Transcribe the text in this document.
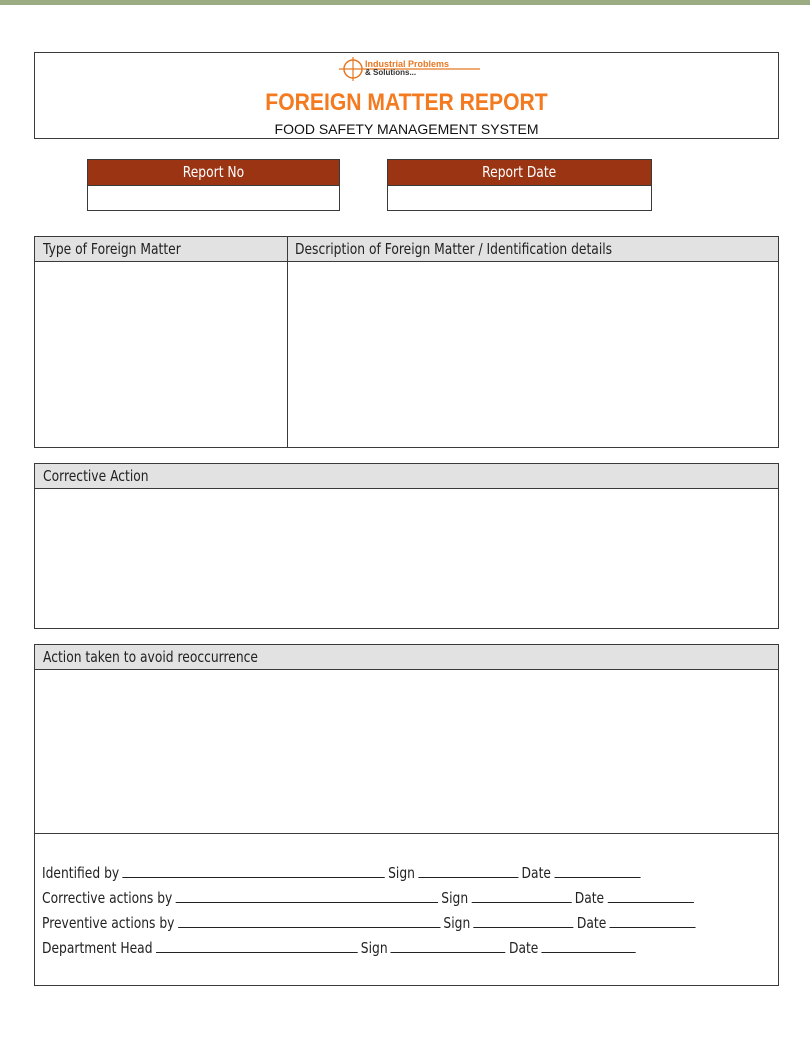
Industrial Problems
& Solutions...
FOREIGN MATTER REPORT
FOOD SAFETY MANAGEMENT SYSTEM
Report No	Report Date
Type of Foreign Matter	Description of Foreign Matter / Identification details
Corrective Action
Action taken to avoid reoccurrence
Identified by	Sign	Date
Corrective actions by	Sign	Date
Preventive actions by	Sign	Date
Department Head	Sign	Date
